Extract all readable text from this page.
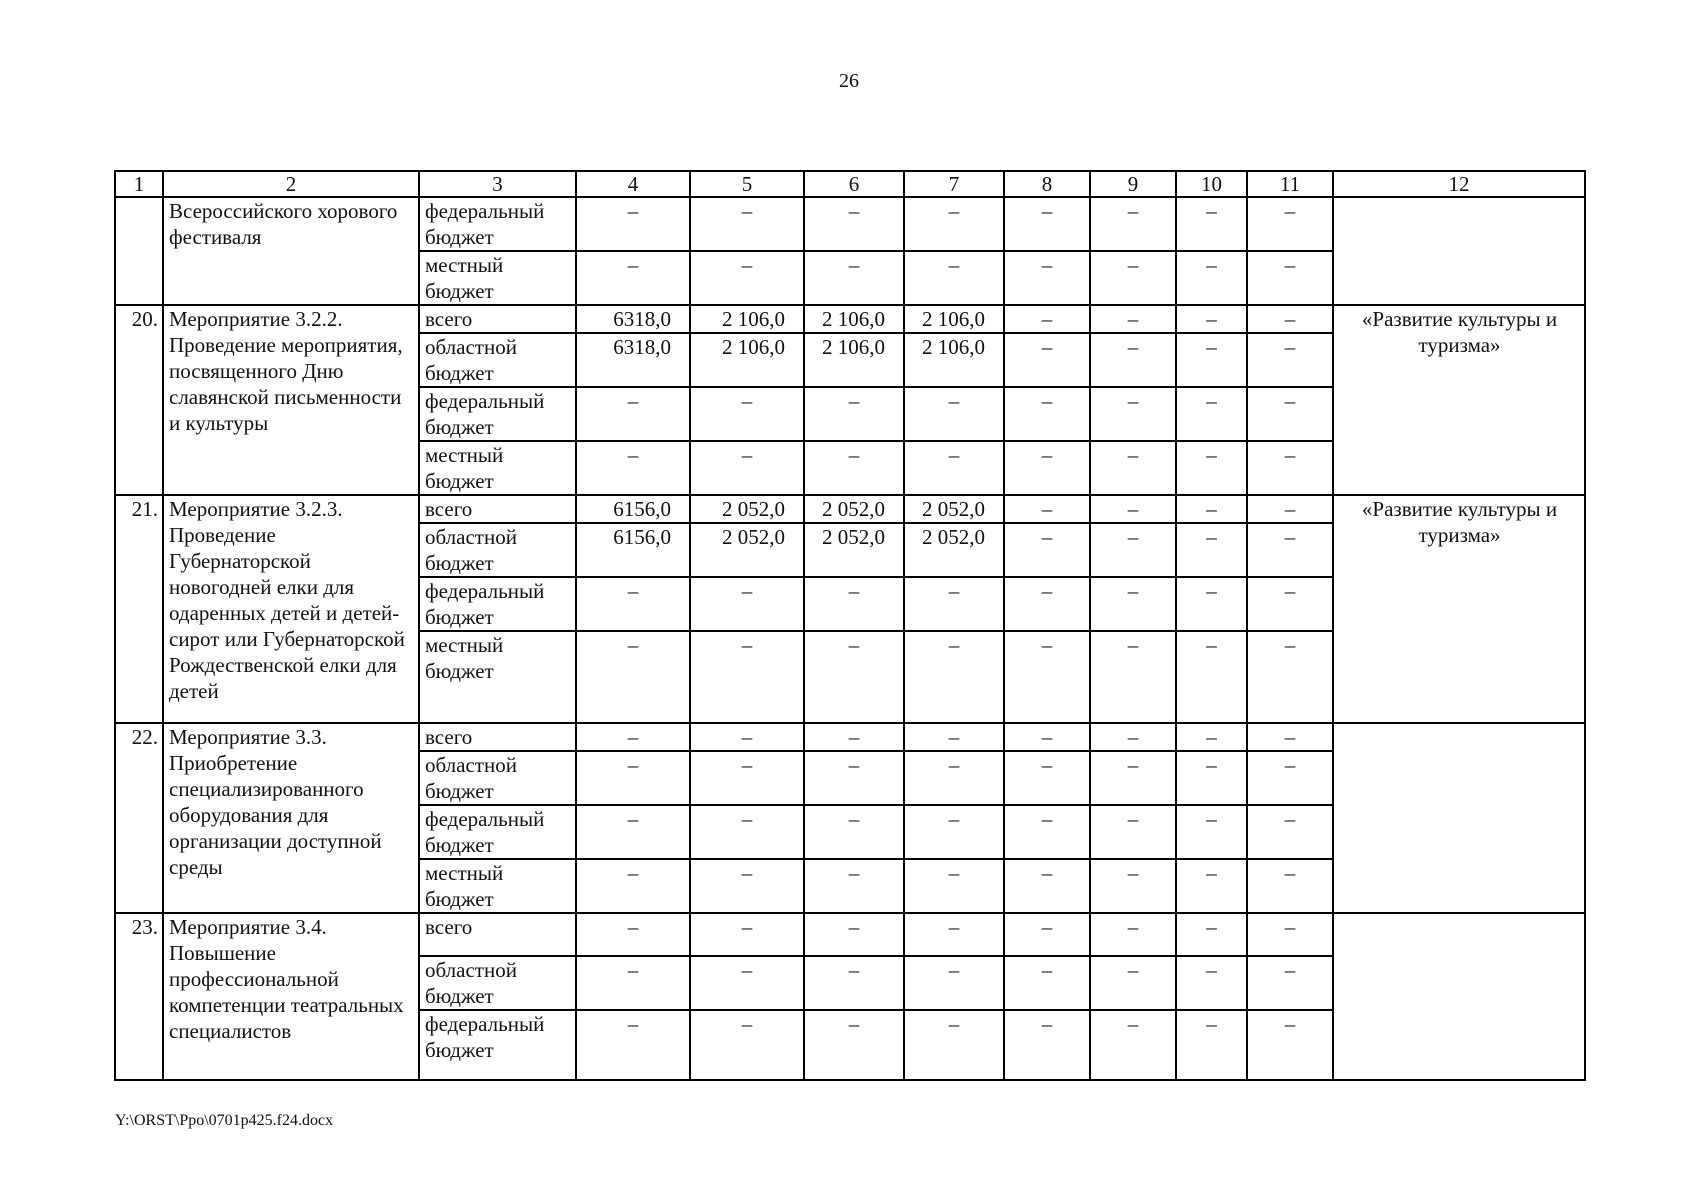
26
1	2	3	4	5	6	7	8	9	10	11	12
	Всероссийского хорового фестиваля	федеральный бюджет	–	–	–	–	–	–	–	–	
		местный бюджет	–	–	–	–	–	–	–	–	
20.	Мероприятие 3.2.2. Проведение мероприятия, посвященного Дню славянской письменности и культуры	всего	6318,0	2 106,0	2 106,0	2 106,0	–	–	–	–	«Развитие культуры и туризма»
		областной бюджет	6318,0	2 106,0	2 106,0	2 106,0	–	–	–	–	
		федеральный бюджет	–	–	–	–	–	–	–	–	
		местный бюджет	–	–	–	–	–	–	–	–	
21.	Мероприятие 3.2.3. Проведение Губернаторской новогодней елки для одаренных детей и детей-сирот или Губернаторской Рождественской елки для детей	всего	6156,0	2 052,0	2 052,0	2 052,0	–	–	–	–	«Развитие культуры и туризма»
		областной бюджет	6156,0	2 052,0	2 052,0	2 052,0	–	–	–	–	
		федеральный бюджет	–	–	–	–	–	–	–	–	
		местный бюджет	–	–	–	–	–	–	–	–	
22.	Мероприятие 3.3. Приобретение специализированного оборудования для организации доступной среды	всего	–	–	–	–	–	–	–	–	
		областной бюджет	–	–	–	–	–	–	–	–	
		федеральный бюджет	–	–	–	–	–	–	–	–	
		местный бюджет	–	–	–	–	–	–	–	–	
23.	Мероприятие 3.4. Повышение профессиональной компетенции театральных специалистов	всего	–	–	–	–	–	–	–	–	
		областной бюджет	–	–	–	–	–	–	–	–	
		федеральный бюджет	–	–	–	–	–	–	–	–	
Y:\ORST\Ppo\0701p425.f24.docx
